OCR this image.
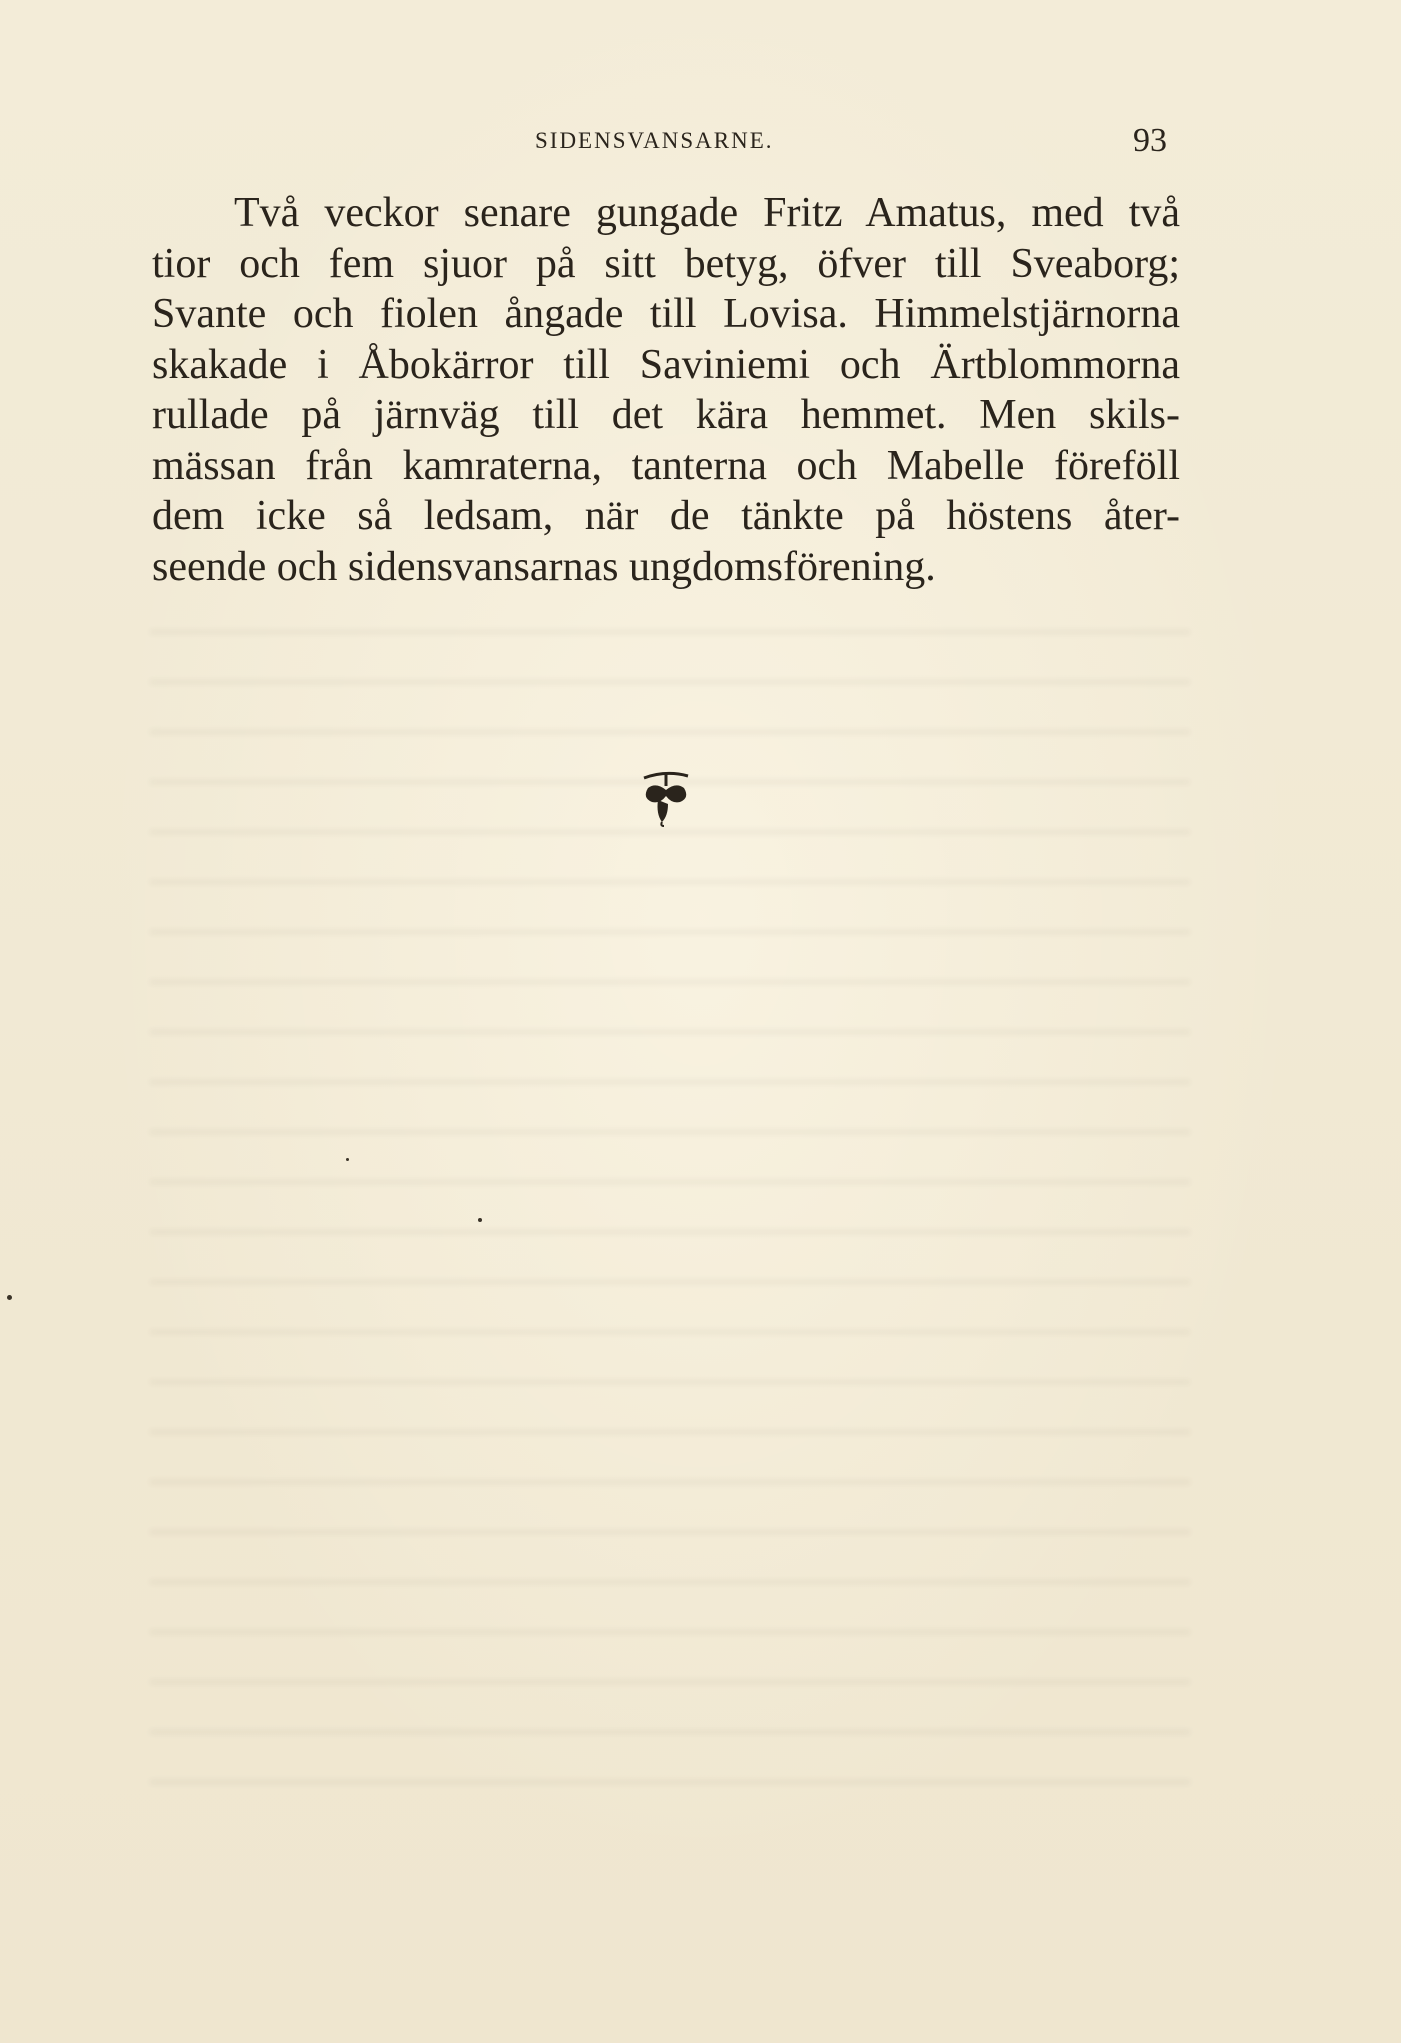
SIDENSVANSARNE.	93
Två veckor senare gungade Fritz Amatus, med två
tior och fem sjuor på sitt betyg, öfver till Sveaborg;
Svante och fiolen ångade till Lovisa. Himmelstjärnorna
skakade i Åbokärror till Saviniemi och Ärtblommorna
rullade på järnväg till det kära hemmet. Men skils-
mässan från kamraterna, tanterna och Mabelle föreföll
dem icke så ledsam, när de tänkte på höstens åter-
seende och sidensvansarnas ungdomsförening.
